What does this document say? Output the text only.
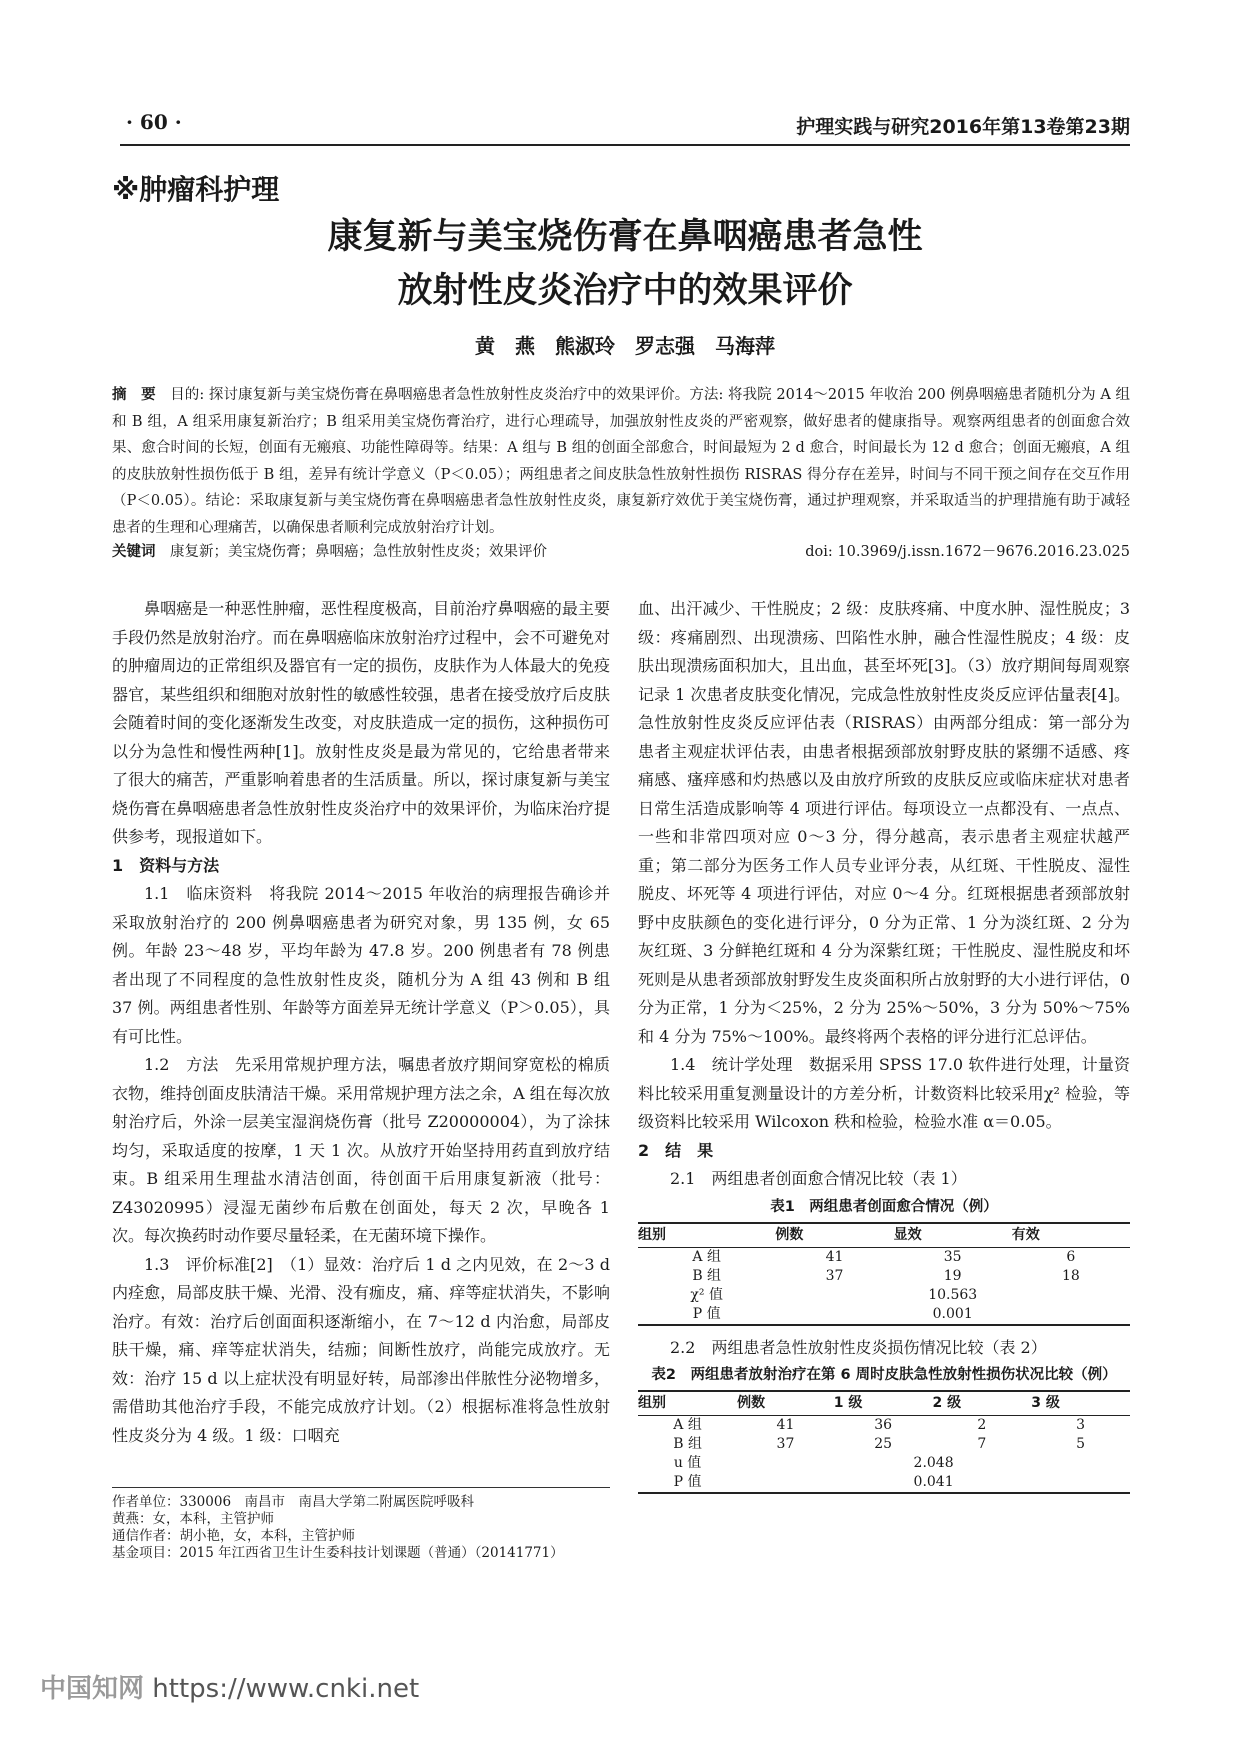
· 60 ·	护理实践与研究2016年第13卷第23期
※肿瘤科护理
康复新与美宝烧伤膏在鼻咽癌患者急性
放射性皮炎治疗中的效果评价
黄　燕　熊淑玲　罗志强　马海萍
摘　要　 目的: 探讨康复新与美宝烧伤膏在鼻咽癌患者急性放射性皮炎治疗中的效果评价。方法: 将我院 2014～2015 年收治 200 例鼻咽癌患者随机分为 A 组和 B 组，A 组采用康复新治疗；B 组采用美宝烧伤膏治疗，进行心理疏导，加强放射性皮炎的严密观察，做好患者的健康指导。观察两组患者的创面愈合效果、愈合时间的长短，创面有无瘢痕、功能性障碍等。结果：A 组与 B 组的创面全部愈合，时间最短为 2 d 愈合，时间最长为 12 d 愈合；创面无瘢痕，A 组的皮肤放射性损伤低于 B 组，差异有统计学意义（P＜0.05）；两组患者之间皮肤急性放射性损伤 RISRAS 得分存在差异，时间与不同干预之间存在交互作用（P＜0.05）。结论：采取康复新与美宝烧伤膏在鼻咽癌患者急性放射性皮炎，康复新疗效优于美宝烧伤膏，通过护理观察，并采取适当的护理措施有助于减轻患者的生理和心理痛苦，以确保患者顺利完成放射治疗计划。
关键词　 康复新；美宝烧伤膏；鼻咽癌；急性放射性皮炎；效果评价	doi: 10.3969/j.issn.1672－9676.2016.23.025

鼻咽癌是一种恶性肿瘤，恶性程度极高，目前治疗鼻咽癌的最主要手段仍然是放射治疗。而在鼻咽癌临床放射治疗过程中，会不可避免对的肿瘤周边的正常组织及器官有一定的损伤，皮肤作为人体最大的免疫器官，某些组织和细胞对放射性的敏感性较强，患者在接受放疗后皮肤会随着时间的变化逐渐发生改变，对皮肤造成一定的损伤，这种损伤可以分为急性和慢性两种[1]。放射性皮炎是最为常见的，它给患者带来了很大的痛苦，严重影响着患者的生活质量。所以，探讨康复新与美宝烧伤膏在鼻咽癌患者急性放射性皮炎治疗中的效果评价，为临床治疗提供参考，现报道如下。

1　资料与方法

1.1　临床资料　将我院 2014～2015 年收治的病理报告确诊并采取放射治疗的 200 例鼻咽癌患者为研究对象，男 135 例，女 65 例。年龄 23～48 岁，平均年龄为 47.8 岁。200 例患者有 78 例患者出现了不同程度的急性放射性皮炎，随机分为 A 组 43 例和 B 组 37 例。两组患者性别、年龄等方面差异无统计学意义（P＞0.05），具有可比性。

1.2　方法　先采用常规护理方法，嘱患者放疗期间穿宽松的棉质衣物，维持创面皮肤清洁干燥。采用常规护理方法之余，A 组在每次放射治疗后，外涂一层美宝湿润烧伤膏（批号 Z20000004），为了涂抹均匀，采取适度的按摩，1 天 1 次。从放疗开始坚持用药直到放疗结束。B 组采用生理盐水清洁创面，待创面干后用康复新液（批号：Z43020995）浸湿无菌纱布后敷在创面处，每天 2 次，早晚各 1 次。每次换药时动作要尽量轻柔，在无菌环境下操作。

1.3　评价标准[2]　（1）显效：治疗后 1 d 之内见效，在 2～3 d 内痊愈，局部皮肤干燥、光滑、没有痂皮，痛、痒等症状消失，不影响治疗。有效：治疗后创面面积逐渐缩小，在 7～12 d 内治愈，局部皮肤干燥，痛、痒等症状消失，结痂；间断性放疗，尚能完成放疗。无效：治疗 15 d 以上症状没有明显好转，局部渗出伴脓性分泌物增多，需借助其他治疗手段，不能完成放疗计划。（2）根据标准将急性放射性皮炎分为 4 级。1 级：口咽充

作者单位：330006　南昌市　南昌大学第二附属医院呼吸科
黄燕：女，本科，主管护师
通信作者：胡小艳，女，本科，主管护师
基金项目：2015 年江西省卫生计生委科技计划课题（普通）（20141771）

血、出汗减少、干性脱皮；2 级：皮肤疼痛、中度水肿、湿性脱皮；3 级：疼痛剧烈、出现溃疡、凹陷性水肿，融合性湿性脱皮；4 级：皮肤出现溃疡面积加大，且出血，甚至坏死[3]。（3）放疗期间每周观察记录 1 次患者皮肤变化情况，完成急性放射性皮炎反应评估量表[4]。急性放射性皮炎反应评估表（RISRAS）由两部分组成：第一部分为患者主观症状评估表，由患者根据颈部放射野皮肤的紧绷不适感、疼痛感、瘙痒感和灼热感以及由放疗所致的皮肤反应或临床症状对患者日常生活造成影响等 4 项进行评估。每项设立一点都没有、一点点、一些和非常四项对应 0～3 分，得分越高，表示患者主观症状越严重；第二部分为医务工作人员专业评分表，从红斑、干性脱皮、湿性脱皮、坏死等 4 项进行评估，对应 0～4 分。红斑根据患者颈部放射野中皮肤颜色的变化进行评分，0 分为正常、1 分为淡红斑、2 分为灰红斑、3 分鲜艳红斑和 4 分为深紫红斑；干性脱皮、湿性脱皮和坏死则是从患者颈部放射野发生皮炎面积所占放射野的大小进行评估，0 分为正常，1 分为＜25%，2 分为 25%～50%，3 分为 50%～75% 和 4 分为 75%～100%。最终将两个表格的评分进行汇总评估。

1.4　统计学处理　数据采用 SPSS 17.0 软件进行处理，计量资料比较采用重复测量设计的方差分析，计数资料比较采用χ² 检验，等级资料比较采用 Wilcoxon 秩和检验，检验水准 α＝0.05。

2　结　果

2.1　两组患者创面愈合情况比较（表 1）

表1　两组患者创面愈合情况（例）
组别	例数	显效	有效
A 组	41	35	6
B 组	37	19	18
χ² 值	10.563		
P 值	0.001		

2.2　两组患者急性放射性皮炎损伤情况比较（表 2）

表2　两组患者放射治疗在第 6 周时皮肤急性放射性损伤状况比较（例）
组别	例数	1 级	2 级	3 级
A 组	41	36	2	3
B 组	37	25	7	5
u 值	2.048			
P 值	0.041			
中国知网 https://www.cnki.net
